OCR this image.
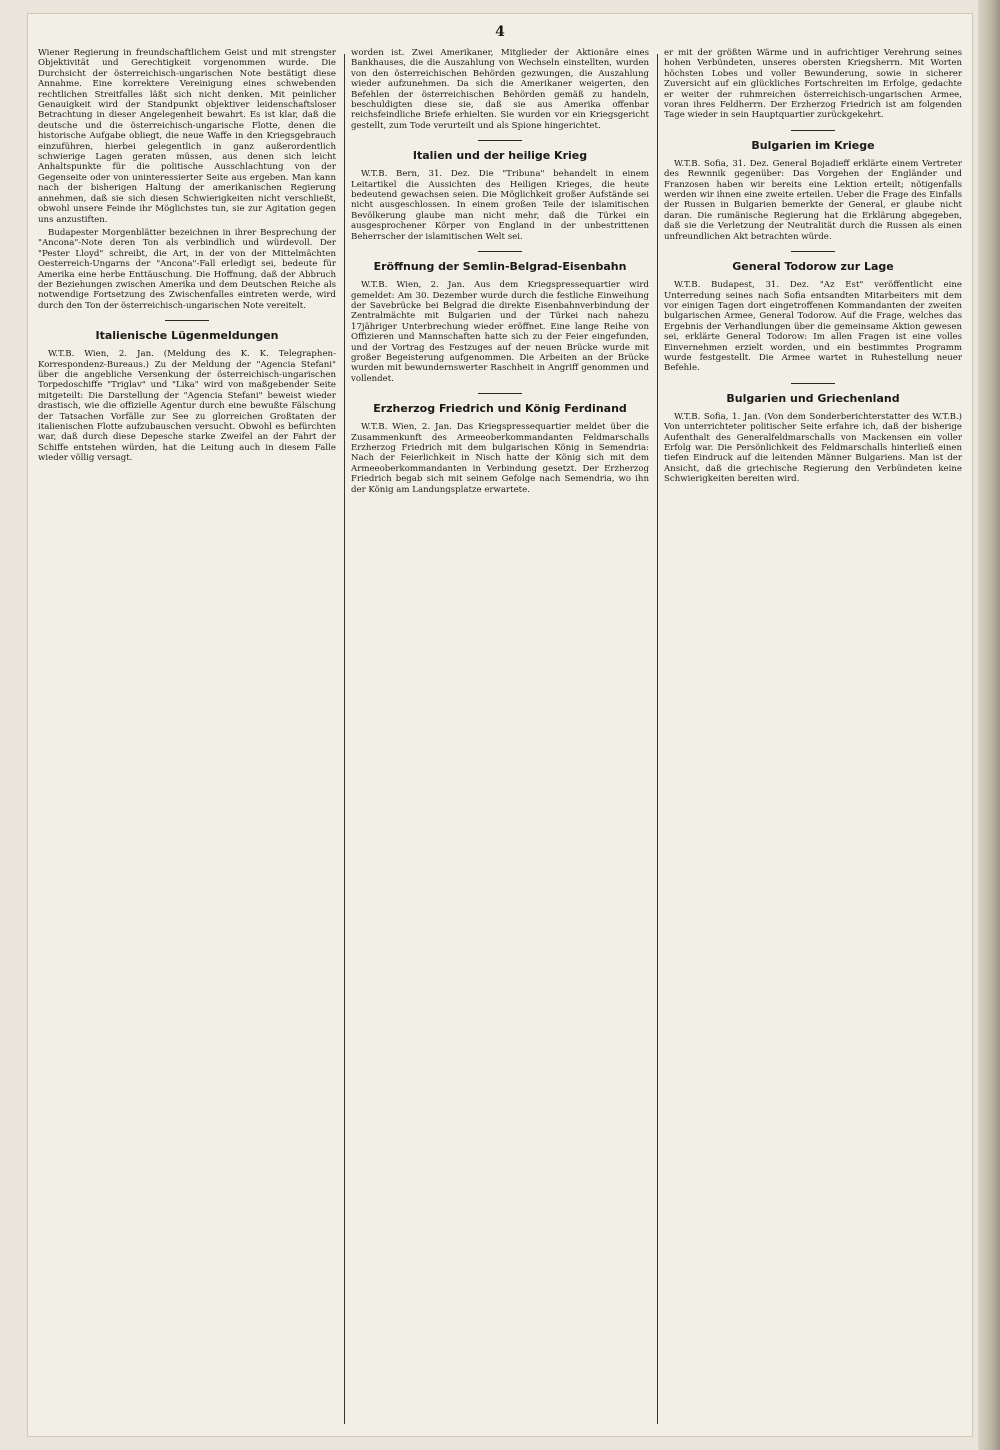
4

Wiener Regierung in freundschaftlichem Geist und mit strengster Objektivität und Gerechtigkeit vorgenommen wurde. Die Durchsicht der österreichisch-ungarischen Note bestätigt diese Annahme. Eine korrektere Vereinigung eines schwebenden rechtlichen Streitfalles läßt sich nicht denken. Mit peinlicher Genauigkeit wird der Standpunkt objektiver leidenschaftsloser Betrachtung in dieser Angelegenheit bewahrt. Es ist klar, daß die deutsche und die österreichisch-ungarische Flotte, denen die historische Aufgabe obliegt, die neue Waffe in den Kriegsgebrauch einzuführen, hierbei gelegentlich in ganz außerordentlich schwierige Lagen geraten müssen, aus denen sich leicht Anhaltspunkte für die politische Ausschlachtung von der Gegenseite oder von uninteressierter Seite aus ergeben. Man kann nach der bisherigen Haltung der amerikanischen Regierung annehmen, daß sie sich diesen Schwierigkeiten nicht verschließt, obwohl unsere Feinde ihr Möglichstes tun, sie zur Agitation gegen uns anzustiften.

Budapester Morgenblätter bezeichnen in ihrer Besprechung der "Ancona"-Note deren Ton als verbindlich und würdevoll. Der "Pester Lloyd" schreibt, die Art, in der von der Mittelmächten Oesterreich-Ungarns der "Ancona"-Fall erledigt sei, bedeute für Amerika eine herbe Enttäuschung. Die Hoffnung, daß der Abbruch der Beziehungen zwischen Amerika und dem Deutschen Reiche als notwendige Fortsetzung des Zwischenfalles eintreten werde, wird durch den Ton der österreichisch-ungarischen Note vereitelt.

Italienische Lügenmeldungen

W.T.B. Wien, 2. Jan. (Meldung des K. K. Telegraphen-Korrespondenz-Bureaus.) Zu der Meldung der "Agencia Stefani" über die angebliche Versenkung der österreichisch-ungarischen Torpedoschiffe "Triglav" und "Lika" wird von maßgebender Seite mitgeteilt: Die Darstellung der "Agencia Stefani" beweist wieder drastisch, wie die offizielle Agentur durch eine bewußte Fälschung der Tatsachen Vorfälle zur See zu glorreichen Großtaten der italienischen Flotte aufzubauschen versucht. Obwohl es befürchten war, daß durch diese Depesche starke Zweifel an der Fahrt der Schiffe entstehen würden, hat die Leitung auch in diesem Falle wieder völlig versagt.

worden ist. Zwei Amerikaner, Mitglieder der Aktionäre eines Bankhauses, die die Auszahlung von Wechseln einstellten, wurden von den österreichischen Behörden gezwungen, die Auszahlung wieder aufzunehmen. Da sich die Amerikaner weigerten, den Befehlen der österreichischen Behörden gemäß zu handeln, beschuldigten diese sie, daß sie aus Amerika offenbar reichsfeindliche Briefe erhielten. Sie wurden vor ein Kriegsgericht gestellt, zum Tode verurteilt und als Spione hingerichtet.

Italien und der heilige Krieg

W.T.B. Bern, 31. Dez. Die "Tribuna" behandelt in einem Leitartikel die Aussichten des Heiligen Krieges, die heute bedeutend gewachsen seien. Die Möglichkeit großer Aufstände sei nicht ausgeschlossen. In einem großen Teile der islamitischen Bevölkerung glaube man nicht mehr, daß die Türkei ein ausgesprochener Körper von England in der unbestrittenen Beherrscher der islamitischen Welt sei.

Eröffnung der Semlin-Belgrad-Eisenbahn

W.T.B. Wien, 2. Jan. Aus dem Kriegspressequartier wird gemeldet: Am 30. Dezember wurde durch die festliche Einweihung der Savebrücke bei Belgrad die direkte Eisenbahnverbindung der Zentralmächte mit Bulgarien und der Türkei nach nahezu 17jähriger Unterbrechung wieder eröffnet. Eine lange Reihe von Offizieren und Mannschaften hatte sich zu der Feier eingefunden, und der Vortrag des Festzuges auf der neuen Brücke wurde mit großer Begeisterung aufgenommen. Die Arbeiten an der Brücke wurden mit bewundernswerter Raschheit in Angriff genommen und vollendet.

Erzherzog Friedrich und König Ferdinand

W.T.B. Wien, 2. Jan. Das Kriegspressequartier meldet über die Zusammenkunft des Armeeoberkommandanten Feldmarschalls Erzherzog Friedrich mit dem bulgarischen König in Semendria: Nach der Feierlichkeit in Nisch hatte der König sich mit dem Armeeoberkommandanten in Verbindung gesetzt. Der Erzherzog Friedrich begab sich mit seinem Gefolge nach Semendria, wo ihn der König am Landungsplatze erwartete.

er mit der größten Wärme und in aufrichtiger Verehrung seines hohen Verbündeten, unseres obersten Kriegsherrn. Mit Worten höchsten Lobes und voller Bewunderung, sowie in sicherer Zuversicht auf ein glückliches Fortschreiten im Erfolge, gedachte er weiter der ruhmreichen österreichisch-ungarischen Armee, voran ihres Feldherrn. Der Erzherzog Friedrich ist am folgenden Tage wieder in sein Hauptquartier zurückgekehrt.

Bulgarien im Kriege

W.T.B. Sofia, 31. Dez. General Bojadieff erklärte einem Vertreter des Rewnnik gegenüber: Das Vorgehen der Engländer und Franzosen haben wir bereits eine Lektion erteilt; nötigenfalls werden wir ihnen eine zweite erteilen. Ueber die Frage des Einfalls der Russen in Bulgarien bemerkte der General, er glaube nicht daran. Die rumänische Regierung hat die Erklärung abgegeben, daß sie die Verletzung der Neutralität durch die Russen als einen unfreundlichen Akt betrachten würde.

General Todorow zur Lage

W.T.B. Budapest, 31. Dez. "Az Est" veröffentlicht eine Unterredung seines nach Sofia entsandten Mitarbeiters mit dem vor einigen Tagen dort eingetroffenen Kommandanten der zweiten bulgarischen Armee, General Todorow. Auf die Frage, welches das Ergebnis der Verhandlungen über die gemeinsame Aktion gewesen sei, erklärte General Todorow: Im allen Fragen ist eine volles Einvernehmen erzielt worden, und ein bestimmtes Programm wurde festgestellt. Die Armee wartet in Ruhestellung neuer Befehle.

Bulgarien und Griechenland

W.T.B. Sofia, 1. Jan. (Von dem Sonderberichterstatter des W.T.B.) Von unterrichteter politischer Seite erfahre ich, daß der bisherige Aufenthalt des Generalfeldmarschalls von Mackensen ein voller Erfolg war. Die Persönlichkeit des Feldmarschalls hinterließ einen tiefen Eindruck auf die leitenden Männer Bulgariens. Man ist der Ansicht, daß die griechische Regierung den Verbündeten keine Schwierigkeiten bereiten wird.
